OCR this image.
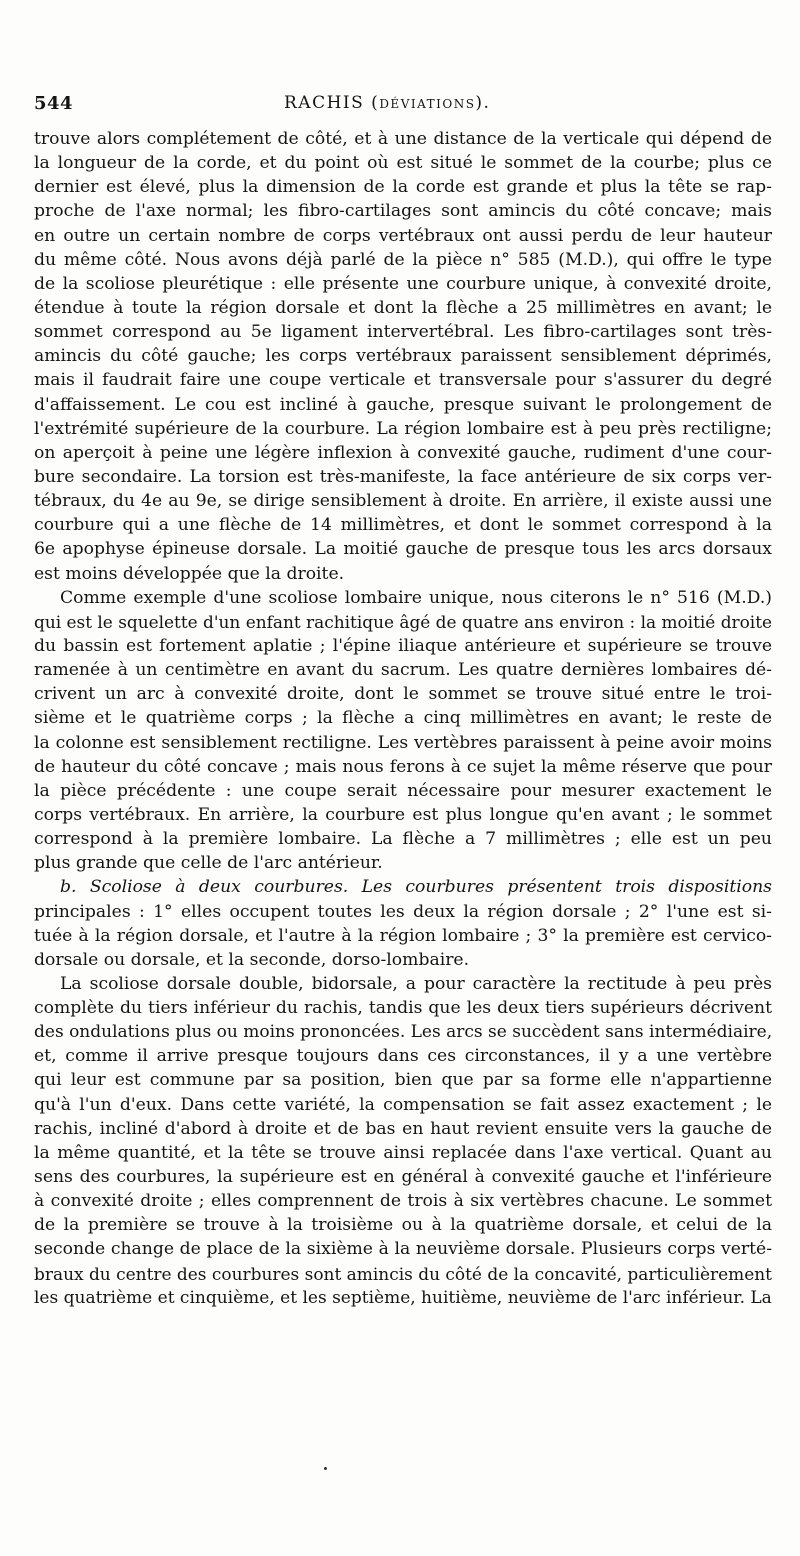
544	RACHIS (DÉVIATIONS).
trouve alors complétement de côté, et à une distance de la verticale qui dépend de
la longueur de la corde, et du point où est situé le sommet de la courbe; plus ce
dernier est élevé, plus la dimension de la corde est grande et plus la tête se rap-
proche de l'axe normal; les fibro-cartilages sont amincis du côté concave; mais
en outre un certain nombre de corps vertébraux ont aussi perdu de leur hauteur
du même côté. Nous avons déjà parlé de la pièce n° 585 (M.D.), qui offre le type
de la scoliose pleurétique : elle présente une courbure unique, à convexité droite,
étendue à toute la région dorsale et dont la flèche a 25 millimètres en avant; le
sommet correspond au 5e ligament intervertébral. Les fibro-cartilages sont très-
amincis du côté gauche; les corps vertébraux paraissent sensiblement déprimés,
mais il faudrait faire une coupe verticale et transversale pour s'assurer du degré
d'affaissement. Le cou est incliné à gauche, presque suivant le prolongement de
l'extrémité supérieure de la courbure. La région lombaire est à peu près rectiligne;
on aperçoit à peine une légère inflexion à convexité gauche, rudiment d'une cour-
bure secondaire. La torsion est très-manifeste, la face antérieure de six corps ver-
tébraux, du 4e au 9e, se dirige sensiblement à droite. En arrière, il existe aussi une
courbure qui a une flèche de 14 millimètres, et dont le sommet correspond à la
6e apophyse épineuse dorsale. La moitié gauche de presque tous les arcs dorsaux
est moins développée que la droite.
Comme exemple d'une scoliose lombaire unique, nous citerons le n° 516 (M.D.)
qui est le squelette d'un enfant rachitique âgé de quatre ans environ : la moitié droite
du bassin est fortement aplatie ; l'épine iliaque antérieure et supérieure se trouve
ramenée à un centimètre en avant du sacrum. Les quatre dernières lombaires dé-
crivent un arc à convexité droite, dont le sommet se trouve situé entre le troi-
sième et le quatrième corps ; la flèche a cinq millimètres en avant; le reste de
la colonne est sensiblement rectiligne. Les vertèbres paraissent à peine avoir moins
de hauteur du côté concave ; mais nous ferons à ce sujet la même réserve que pour
la pièce précédente : une coupe serait nécessaire pour mesurer exactement le
corps vertébraux. En arrière, la courbure est plus longue qu'en avant ; le sommet
correspond à la première lombaire. La flèche a 7 millimètres ; elle est un peu
plus grande que celle de l'arc antérieur.
b. Scoliose à deux courbures. Les courbures présentent trois dispositions
principales : 1° elles occupent toutes les deux la région dorsale ; 2° l'une est si-
tuée à la région dorsale, et l'autre à la région lombaire ; 3° la première est cervico-
dorsale ou dorsale, et la seconde, dorso-lombaire.
La scoliose dorsale double, bidorsale, a pour caractère la rectitude à peu près
complète du tiers inférieur du rachis, tandis que les deux tiers supérieurs décrivent
des ondulations plus ou moins prononcées. Les arcs se succèdent sans intermédiaire,
et, comme il arrive presque toujours dans ces circonstances, il y a une vertèbre
qui leur est commune par sa position, bien que par sa forme elle n'appartienne
qu'à l'un d'eux. Dans cette variété, la compensation se fait assez exactement ; le
rachis, incliné d'abord à droite et de bas en haut revient ensuite vers la gauche de
la même quantité, et la tête se trouve ainsi replacée dans l'axe vertical. Quant au
sens des courbures, la supérieure est en général à convexité gauche et l'inférieure
à convexité droite ; elles comprennent de trois à six vertèbres chacune. Le sommet
de la première se trouve à la troisième ou à la quatrième dorsale, et celui de la
seconde change de place de la sixième à la neuvième dorsale. Plusieurs corps verté-
braux du centre des courbures sont amincis du côté de la concavité, particulièrement
les quatrième et cinquième, et les septième, huitième, neuvième de l'arc inférieur. La
